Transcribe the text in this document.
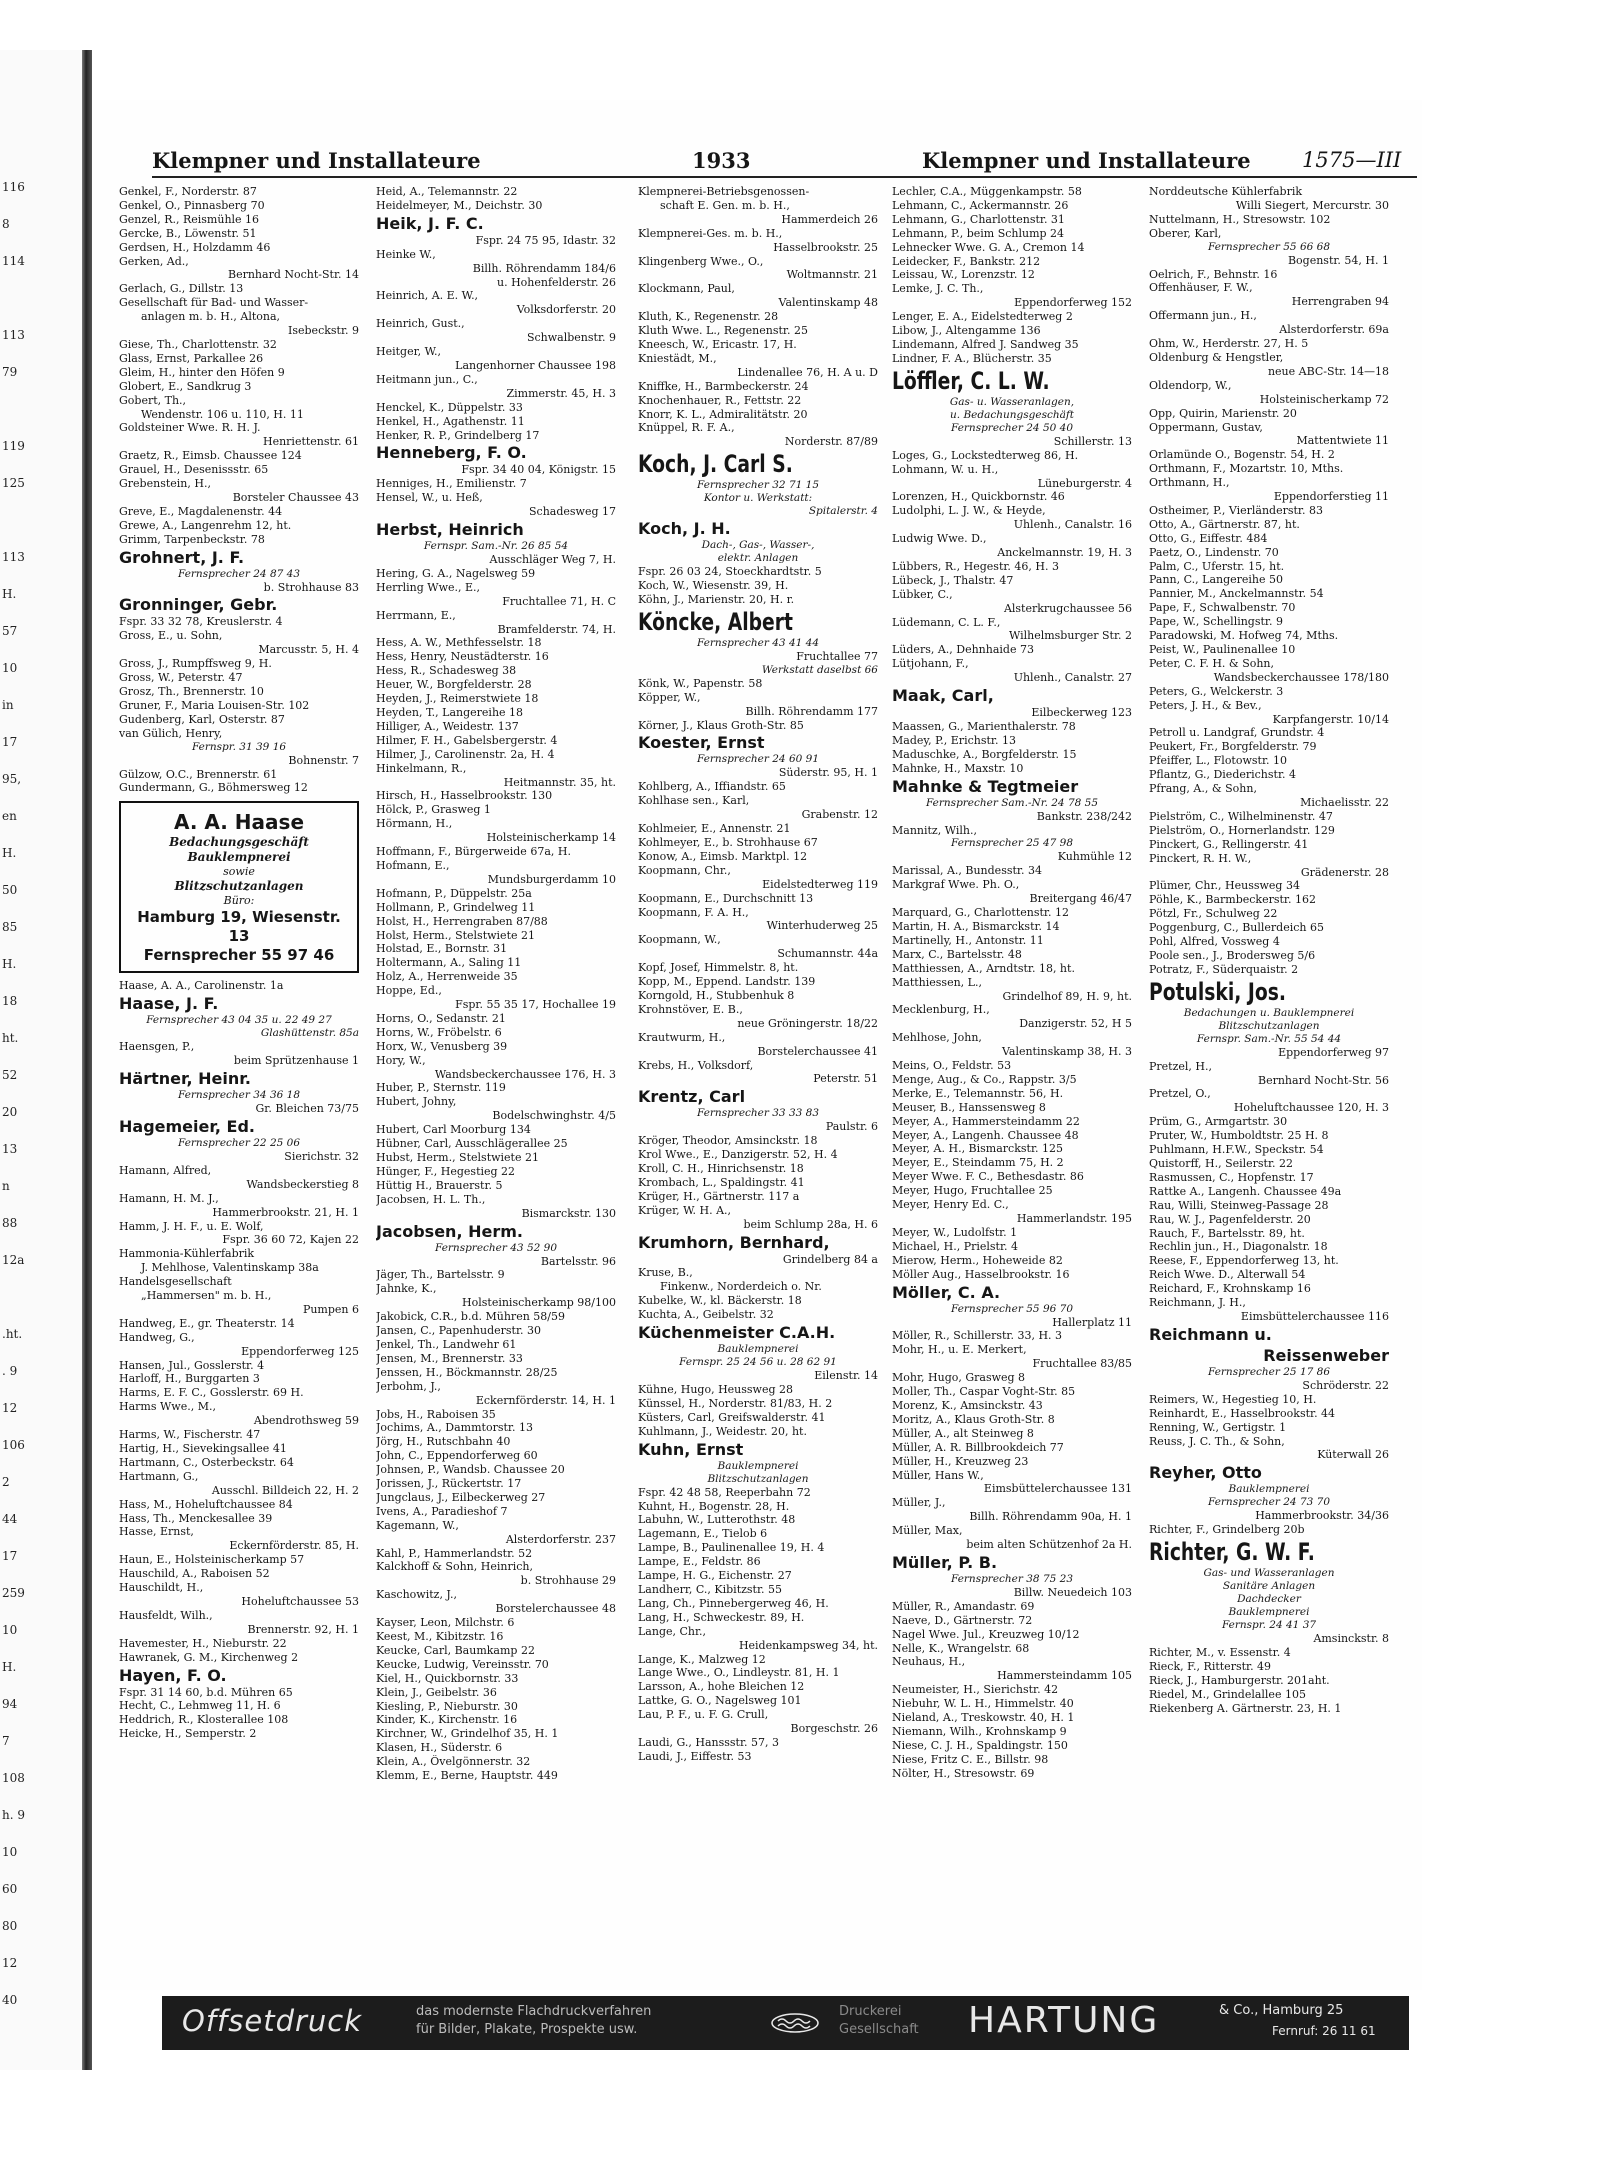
116
8
114
113
79
119
125
113
H.
57
10
in
17
95,
en
H.
50
85
H.
18
ht.
52
20
13
n
88
12a
.ht.
. 9
12
106
2
44
17
259
10
H.
94
7
108
h. 9
10
60
80
12
40
Klempner und Installateure	1933	Klempner und Installateure 1575—III
Genkel, F., Norderstr. 87
Genkel, O., Pinnasberg 70
Genzel, R., Reismühle 16
Gercke, B., Löwenstr. 51
Gerdsen, H., Holzdamm 46
Gerken, Ad.,
Bernhard Nocht-Str. 14
Gerlach, G., Dillstr. 13
Gesellschaft für Bad- und Wasser-
anlagen m. b. H., Altona,
Isebeckstr. 9
Giese, Th., Charlottenstr. 32
Glass, Ernst, Parkallee 26
Gleim, H., hinter den Höfen 9
Globert, E., Sandkrug 3
Gobert, Th.,
Wendenstr. 106 u. 110, H. 11
Goldsteiner Wwe. R. H. J.
Henriettenstr. 61
Graetz, R., Eimsb. Chaussee 124
Grauel, H., Desenissstr. 65
Grebenstein, H.,
Borsteler Chaussee 43
Greve, E., Magdalenenstr. 44
Grewe, A., Langenrehm 12, ht.
Grimm, Tarpenbeckstr. 78
Grohnert, J. F.
Fernsprecher 24 87 43
b. Strohhause 83
Gronninger, Gebr.
Fspr. 33 32 78, Kreuslerstr. 4
Gross, E., u. Sohn,
Marcusstr. 5, H. 4
Gross, J., Rumpffsweg 9, H.
Gross, W., Peterstr. 47
Grosz, Th., Brennerstr. 10
Gruner, F., Maria Louisen-Str. 102
Gudenberg, Karl, Osterstr. 87
van Gülich, Henry,
Fernspr. 31 39 16
Bohnenstr. 7
Gülzow, O.C., Brennerstr. 61
Gundermann, G., Böhmersweg 12
A. A. Haase
Bedachungsgeschäft
Bauklempnerei
sowie
Blitzschutzanlagen
Büro:
Hamburg 19, Wiesenstr. 13
Fernsprecher 55 97 46
Haase, A. A., Carolinenstr. 1a
Haase, J. F.
Fernsprecher 43 04 35 u. 22 49 27
Glashüttenstr. 85a
Haensgen, P.,
beim Sprützenhause 1
Härtner, Heinr.
Fernsprecher 34 36 18
Gr. Bleichen 73/75
Hagemeier, Ed.
Fernsprecher 22 25 06
Sierichstr. 32
Hamann, Alfred,
Wandsbeckerstieg 8
Hamann, H. M. J.,
Hammerbrookstr. 21, H. 1
Hamm, J. H. F., u. E. Wolf,
Fspr. 36 60 72, Kajen 22
Hammonia-Kühlerfabrik
J. Mehlhose, Valentinskamp 38a
Handelsgesellschaft
„Hammersen" m. b. H.,
Pumpen 6
Handweg, E., gr. Theaterstr. 14
Handweg, G.,
Eppendorferweg 125
Hansen, Jul., Gosslerstr. 4
Harloff, H., Burggarten 3
Harms, E. F. C., Gosslerstr. 69 H.
Harms Wwe., M.,
Abendrothsweg 59
Harms, W., Fischerstr. 47
Hartig, H., Sievekingsallee 41
Hartmann, C., Osterbeckstr. 64
Hartmann, G.,
Ausschl. Billdeich 22, H. 2
Hass, M., Hoheluftchaussee 84
Hass, Th., Menckesallee 39
Hasse, Ernst,
Eckernförderstr. 85, H.
Haun, E., Holsteinischerkamp 57
Hauschild, A., Raboisen 52
Hauschildt, H.,
Hoheluftchaussee 53
Hausfeldt, Wilh.,
Brennerstr. 92, H. 1
Havemester, H., Nieburstr. 22
Hawranek, G. M., Kirchenweg 2
Hayen, F. O.
Fspr. 31 14 60, b.d. Mühren 65
Hecht, C., Lehmweg 11, H. 6
Heddrich, R., Klosterallee 108
Heicke, H., Semperstr. 2
Heid, A., Telemannstr. 22
Heidelmeyer, M., Deichstr. 30
Heik, J. F. C.
Fspr. 24 75 95, Idastr. 32
Heinke W.,
Billh. Röhrendamm 184/6
u. Hohenfelderstr. 26
Heinrich, A. E. W.,
Volksdorferstr. 20
Heinrich, Gust.,
Schwalbenstr. 9
Heitger, W.,
Langenhorner Chaussee 198
Heitmann jun., C.,
Zimmerstr. 45, H. 3
Henckel, K., Düppelstr. 33
Henkel, H., Agathenstr. 11
Henker, R. P., Grindelberg 17
Henneberg, F. O.
Fspr. 34 40 04, Königstr. 15
Henniges, H., Emilienstr. 7
Hensel, W., u. Heß,
Schadesweg 17
Herbst, Heinrich
Fernspr. Sam.-Nr. 26 85 54
Ausschläger Weg 7, H.
Hering, G. A., Nagelsweg 59
Herrling Wwe., E.,
Fruchtallee 71, H. C
Herrmann, E.,
Bramfelderstr. 74, H.
Hess, A. W., Methfesselstr. 18
Hess, Henry, Neustädterstr. 16
Hess, R., Schadesweg 38
Heuer, W., Borgfelderstr. 28
Heyden, J., Reimerstwiete 18
Heyden, T., Langereihe 18
Hilliger, A., Weidestr. 137
Hilmer, F. H., Gabelsbergerstr. 4
Hilmer, J., Carolinenstr. 2a, H. 4
Hinkelmann, R.,
Heitmannstr. 35, ht.
Hirsch, H., Hasselbrookstr. 130
Hölck, P., Grasweg 1
Hörmann, H.,
Holsteinischerkamp 14
Hoffmann, F., Bürgerweide 67a, H.
Hofmann, E.,
Mundsburgerdamm 10
Hofmann, P., Düppelstr. 25a
Hollmann, P., Grindelweg 11
Holst, H., Herrengraben 87/88
Holst, Herm., Stelstwiete 21
Holstad, E., Bornstr. 31
Holtermann, A., Saling 11
Holz, A., Herrenweide 35
Hoppe, Ed.,
Fspr. 55 35 17, Hochallee 19
Horns, O., Sedanstr. 21
Horns, W., Fröbelstr. 6
Horx, W., Venusberg 39
Hory, W.,
Wandsbeckerchaussee 176, H. 3
Huber, P., Sternstr. 119
Hubert, Johny,
Bodelschwinghstr. 4/5
Hubert, Carl Moorburg 134
Hübner, Carl, Ausschlägerallee 25
Hubst, Herm., Stelstwiete 21
Hünger, F., Hegestieg 22
Hüttig H., Brauerstr. 5
Jacobsen, H. L. Th.,
Bismarckstr. 130
Jacobsen, Herm.
Fernsprecher 43 52 90
Bartelsstr. 96
Jäger, Th., Bartelsstr. 9
Jahnke, K.,
Holsteinischerkamp 98/100
Jakobick, C.R., b.d. Mühren 58/59
Jansen, C., Papenhuderstr. 30
Jenkel, Th., Landwehr 61
Jensen, M., Brennerstr. 33
Jenssen, H., Böckmannstr. 28/25
Jerbohm, J.,
Eckernförderstr. 14, H. 1
Jobs, H., Raboisen 35
Jochims, A., Dammtorstr. 13
Jörg, H., Rutschbahn 40
John, C., Eppendorferweg 60
Johnsen, P., Wandsb. Chaussee 20
Jorissen, J., Rückertstr. 17
Jungclaus, J., Eilbeckerweg 27
Ivens, A., Paradieshof 7
Kagemann, W.,
Alsterdorferstr. 237
Kahl, P., Hammerlandstr. 52
Kalckhoff & Sohn, Heinrich,
b. Strohhause 29
Kaschowitz, J.,
Borstelerchaussee 48
Kayser, Leon, Milchstr. 6
Keest, M., Kibitzstr. 16
Keucke, Carl, Baumkamp 22
Keucke, Ludwig, Vereinsstr. 70
Kiel, H., Quickbornstr. 33
Klein, J., Geibelstr. 36
Kiesling, P., Nieburstr. 30
Kinder, K., Kirchenstr. 16
Kirchner, W., Grindelhof 35, H. 1
Klasen, H., Süderstr. 6
Klein, A., Övelgönnerstr. 32
Klemm, E., Berne, Hauptstr. 449
Klempnerei-Betriebsgenossen-
schaft E. Gen. m. b. H.,
Hammerdeich 26
Klempnerei-Ges. m. b. H.,
Hasselbrookstr. 25
Klingenberg Wwe., O.,
Woltmannstr. 21
Klockmann, Paul,
Valentinskamp 48
Kluth, K., Regenenstr. 28
Kluth Wwe. L., Regenenstr. 25
Kneesch, W., Ericastr. 17, H.
Kniestädt, M.,
Lindenallee 76, H. A u. D
Kniffke, H., Barmbeckerstr. 24
Knochenhauer, R., Fettstr. 22
Knorr, K. L., Admiralitätstr. 20
Knüppel, R. F. A.,
Norderstr. 87/89
Koch, J. Carl S.
Fernsprecher 32 71 15
Kontor u. Werkstatt:
Spitalerstr. 4
Koch, J. H.
Dach-, Gas-, Wasser-,
elektr. Anlagen
Fspr. 26 03 24, Stoeckhardtstr. 5
Koch, W., Wiesenstr. 39, H.
Köhn, J., Marienstr. 20, H. r.
Köncke, Albert
Fernsprecher 43 41 44
Fruchtallee 77
Werkstatt daselbst 66
Könk, W., Papenstr. 58
Köpper, W.,
Billh. Röhrendamm 177
Körner, J., Klaus Groth-Str. 85
Koester, Ernst
Fernsprecher 24 60 91
Süderstr. 95, H. 1
Kohlberg, A., Iffiandstr. 65
Kohlhase sen., Karl,
Grabenstr. 12
Kohlmeier, E., Annenstr. 21
Kohlmeyer, E., b. Strohhause 67
Konow, A., Eimsb. Marktpl. 12
Koopmann, Chr.,
Eidelstedterweg 119
Koopmann, E., Durchschnitt 13
Koopmann, F. A. H.,
Winterhuderweg 25
Koopmann, W.,
Schumannstr. 44a
Kopf, Josef, Himmelstr. 8, ht.
Kopp, M., Eppend. Landstr. 139
Korngold, H., Stubbenhuk 8
Krohnstöver, E. B.,
neue Gröningerstr. 18/22
Krautwurm, H.,
Borstelerchaussee 41
Krebs, H., Volksdorf,
Peterstr. 51
Krentz, Carl
Fernsprecher 33 33 83
Paulstr. 6
Kröger, Theodor, Amsinckstr. 18
Krol Wwe., E., Danzigerstr. 52, H. 4
Kroll, C. H., Hinrichsenstr. 18
Krombach, L., Spaldingstr. 41
Krüger, H., Gärtnerstr. 117 a
Krüger, W. H. A.,
beim Schlump 28a, H. 6
Krumhorn, Bernhard,
Grindelberg 84 a
Kruse, B.,
Finkenw., Norderdeich o. Nr.
Kubelke, W., kl. Bäckerstr. 18
Kuchta, A., Geibelstr. 32
Küchenmeister C.A.H.
Bauklempnerei
Fernspr. 25 24 56 u. 28 62 91
Eilenstr. 14
Kühne, Hugo, Heussweg 28
Künssel, H., Norderstr. 81/83, H. 2
Küsters, Carl, Greifswalderstr. 41
Kuhlmann, J., Weidestr. 20, ht.
Kuhn, Ernst
Bauklempnerei
Blitzschutzanlagen
Fspr. 42 48 58, Reeperbahn 72
Kuhnt, H., Bogenstr. 28, H.
Labuhn, W., Lutterothstr. 48
Lagemann, E., Tielob 6
Lampe, B., Paulinenallee 19, H. 4
Lampe, E., Feldstr. 86
Lampe, H. G., Eichenstr. 27
Landherr, C., Kibitzstr. 55
Lang, Ch., Pinnebergerweg 46, H.
Lang, H., Schweckestr. 89, H.
Lange, Chr.,
Heidenkampsweg 34, ht.
Lange, K., Malzweg 12
Lange Wwe., O., Lindleystr. 81, H. 1
Larsson, A., hohe Bleichen 12
Lattke, G. O., Nagelsweg 101
Lau, P. F., u. F. G. Crull,
Borgeschstr. 26
Laudi, G., Hanssstr. 57, 3
Laudi, J., Eiffestr. 53
Lechler, C.A., Müggenkampstr. 58
Lehmann, C., Ackermannstr. 26
Lehmann, G., Charlottenstr. 31
Lehmann, P., beim Schlump 24
Lehnecker Wwe. G. A., Cremon 14
Leidecker, F., Bankstr. 212
Leissau, W., Lorenzstr. 12
Lemke, J. C. Th.,
Eppendorferweg 152
Lenger, E. A., Eidelstedterweg 2
Libow, J., Altengamme 136
Lindemann, Alfred J. Sandweg 35
Lindner, F. A., Blücherstr. 35
Löffler, C. L. W.
Gas- u. Wasseranlagen,
u. Bedachungsgeschäft
Fernsprecher 24 50 40
Schillerstr. 13
Loges, G., Lockstedterweg 86, H.
Lohmann, W. u. H.,
Lüneburgerstr. 4
Lorenzen, H., Quickbornstr. 46
Ludolphi, L. J. W., & Heyde,
Uhlenh., Canalstr. 16
Ludwig Wwe. D.,
Anckelmannstr. 19, H. 3
Lübbers, R., Hegestr. 46, H. 3
Lübeck, J., Thalstr. 47
Lübker, C.,
Alsterkrugchaussee 56
Lüdemann, C. L. F.,
Wilhelmsburger Str. 2
Lüders, A., Dehnhaide 73
Lütjohann, F.,
Uhlenh., Canalstr. 27
Maak, Carl,
Eilbeckerweg 123
Maassen, G., Marienthalerstr. 78
Madey, P., Erichstr. 13
Maduschke, A., Borgfelderstr. 15
Mahnke, H., Maxstr. 10
Mahnke & Tegtmeier
Fernsprecher Sam.-Nr. 24 78 55
Bankstr. 238/242
Mannitz, Wilh.,
Fernsprecher 25 47 98
Kuhmühle 12
Marissal, A., Bundesstr. 34
Markgraf Wwe. Ph. O.,
Breitergang 46/47
Marquard, G., Charlottenstr. 12
Martin, H. A., Bismarckstr. 14
Martinelly, H., Antonstr. 11
Marx, C., Bartelsstr. 48
Matthiessen, A., Arndtstr. 18, ht.
Matthiessen, L.,
Grindelhof 89, H. 9, ht.
Mecklenburg, H.,
Danzigerstr. 52, H 5
Mehlhose, John,
Valentinskamp 38, H. 3
Meins, O., Feldstr. 53
Menge, Aug., & Co., Rappstr. 3/5
Merke, E., Telemannstr. 56, H.
Meuser, B., Hanssensweg 8
Meyer, A., Hammersteindamm 22
Meyer, A., Langenh. Chaussee 48
Meyer, A. H., Bismarckstr. 125
Meyer, E., Steindamm 75, H. 2
Meyer Wwe. F. C., Bethesdastr. 86
Meyer, Hugo, Fruchtallee 25
Meyer, Henry Ed. C.,
Hammerlandstr. 195
Meyer, W., Ludolfstr. 1
Michael, H., Prielstr. 4
Mierow, Herm., Hoheweide 82
Möller Aug., Hasselbrookstr. 16
Möller, C. A.
Fernsprecher 55 96 70
Hallerplatz 11
Möller, R., Schillerstr. 33, H. 3
Mohr, H., u. E. Merkert,
Fruchtallee 83/85
Mohr, Hugo, Grasweg 8
Moller, Th., Caspar Voght-Str. 85
Morenz, K., Amsinckstr. 43
Moritz, A., Klaus Groth-Str. 8
Müller, A., alt Steinweg 8
Müller, A. R. Billbrookdeich 77
Müller, H., Kreuzweg 23
Müller, Hans W.,
Eimsbüttelerchaussee 131
Müller, J.,
Billh. Röhrendamm 90a, H. 1
Müller, Max,
beim alten Schützenhof 2a H.
Müller, P. B.
Fernsprecher 38 75 23
Billw. Neuedeich 103
Müller, R., Amandastr. 69
Naeve, D., Gärtnerstr. 72
Nagel Wwe. Jul., Kreuzweg 10/12
Nelle, K., Wrangelstr. 68
Neuhaus, H.,
Hammersteindamm 105
Neumeister, H., Sierichstr. 42
Niebuhr, W. L. H., Himmelstr. 40
Nieland, A., Treskowstr. 40, H. 1
Niemann, Wilh., Krohnskamp 9
Niese, C. J. H., Spaldingstr. 150
Niese, Fritz C. E., Billstr. 98
Nölter, H., Stresowstr. 69
Norddeutsche Kühlerfabrik
Willi Siegert, Mercurstr. 30
Nuttelmann, H., Stresowstr. 102
Oberer, Karl,
Fernsprecher 55 66 68
Bogenstr. 54, H. 1
Oelrich, F., Behnstr. 16
Offenhäuser, F. W.,
Herrengraben 94
Offermann jun., H.,
Alsterdorferstr. 69a
Ohm, W., Herderstr. 27, H. 5
Oldenburg & Hengstler,
neue ABC-Str. 14—18
Oldendorp, W.,
Holsteinischerkamp 72
Opp, Quirin, Marienstr. 20
Oppermann, Gustav,
Mattentwiete 11
Orlamünde O., Bogenstr. 54, H. 2
Orthmann, F., Mozartstr. 10, Mths.
Orthmann, H.,
Eppendorferstieg 11
Ostheimer, P., Vierländerstr. 83
Otto, A., Gärtnerstr. 87, ht.
Otto, G., Eiffestr. 484
Paetz, O., Lindenstr. 70
Palm, C., Uferstr. 15, ht.
Pann, C., Langereihe 50
Pannier, M., Anckelmannstr. 54
Pape, F., Schwalbenstr. 70
Pape, W., Schellingstr. 9
Paradowski, M. Hofweg 74, Mths.
Peist, W., Paulinenallee 10
Peter, C. F. H. & Sohn,
Wandsbeckerchaussee 178/180
Peters, G., Welckerstr. 3
Peters, J. H., & Bev.,
Karpfangerstr. 10/14
Petroll u. Landgraf, Grundstr. 4
Peukert, Fr., Borgfelderstr. 79
Pfeiffer, L., Flotowstr. 10
Pflantz, G., Diederichstr. 4
Pfrang, A., & Sohn,
Michaelisstr. 22
Pielström, C., Wilhelminenstr. 47
Pielström, O., Hornerlandstr. 129
Pinckert, G., Rellingerstr. 41
Pinckert, R. H. W.,
Grädenerstr. 28
Plümer, Chr., Heussweg 34
Pöhle, K., Barmbeckerstr. 162
Pötzl, Fr., Schulweg 22
Poggenburg, C., Bullerdeich 65
Pohl, Alfred, Vossweg 4
Poole sen., J., Brodersweg 5/6
Potratz, F., Süderquaistr. 2
Potulski, Jos.
Bedachungen u. Bauklempnerei
Blitzschutzanlagen
Fernspr. Sam.-Nr. 55 54 44
Eppendorferweg 97
Pretzel, H.,
Bernhard Nocht-Str. 56
Pretzel, O.,
Hoheluftchaussee 120, H. 3
Prüm, G., Armgartstr. 30
Pruter, W., Humboldtstr. 25 H. 8
Puhlmann, H.F.W., Speckstr. 54
Quistorff, H., Seilerstr. 22
Rasmussen, C., Hopfenstr. 17
Rattke A., Langenh. Chaussee 49a
Rau, Willi, Steinweg-Passage 28
Rau, W. J., Pagenfelderstr. 20
Rauch, F., Bartelsstr. 89, ht.
Rechlin jun., H., Diagonalstr. 18
Reese, F., Eppendorferweg 13, ht.
Reich Wwe. D., Alterwall 54
Reichard, F., Krohnskamp 16
Reichmann, J. H.,
Eimsbüttelerchaussee 116
Reichmann u.
Reissenweber
Fernsprecher 25 17 86
Schröderstr. 22
Reimers, W., Hegestieg 10, H.
Reinhardt, E., Hasselbrookstr. 44
Renning, W., Gertigstr. 1
Reuss, J. C. Th., & Sohn,
Küterwall 26
Reyher, Otto
Bauklempnerei
Fernsprecher 24 73 70
Hammerbrookstr. 34/36
Richter, F., Grindelberg 20b
Richter, G. W. F.
Gas- und Wasseranlagen
Sanitäre Anlagen
Dachdecker
Bauklempnerei
Fernspr. 24 41 37
Amsinckstr. 8
Richter, M., v. Essenstr. 4
Rieck, F., Ritterstr. 49
Rieck, J., Hamburgerstr. 201aht.
Riedel, M., Grindelallee 105
Riekenberg A. Gärtnerstr. 23, H. 1
Offsetdruck	das modernste Flachdruckverfahren
für Bilder, Plakate, Prospekte usw.
Druckerei
Gesellschaft HARTUNG	& Co., Hamburg 25
Fernruf: 26 11 61
